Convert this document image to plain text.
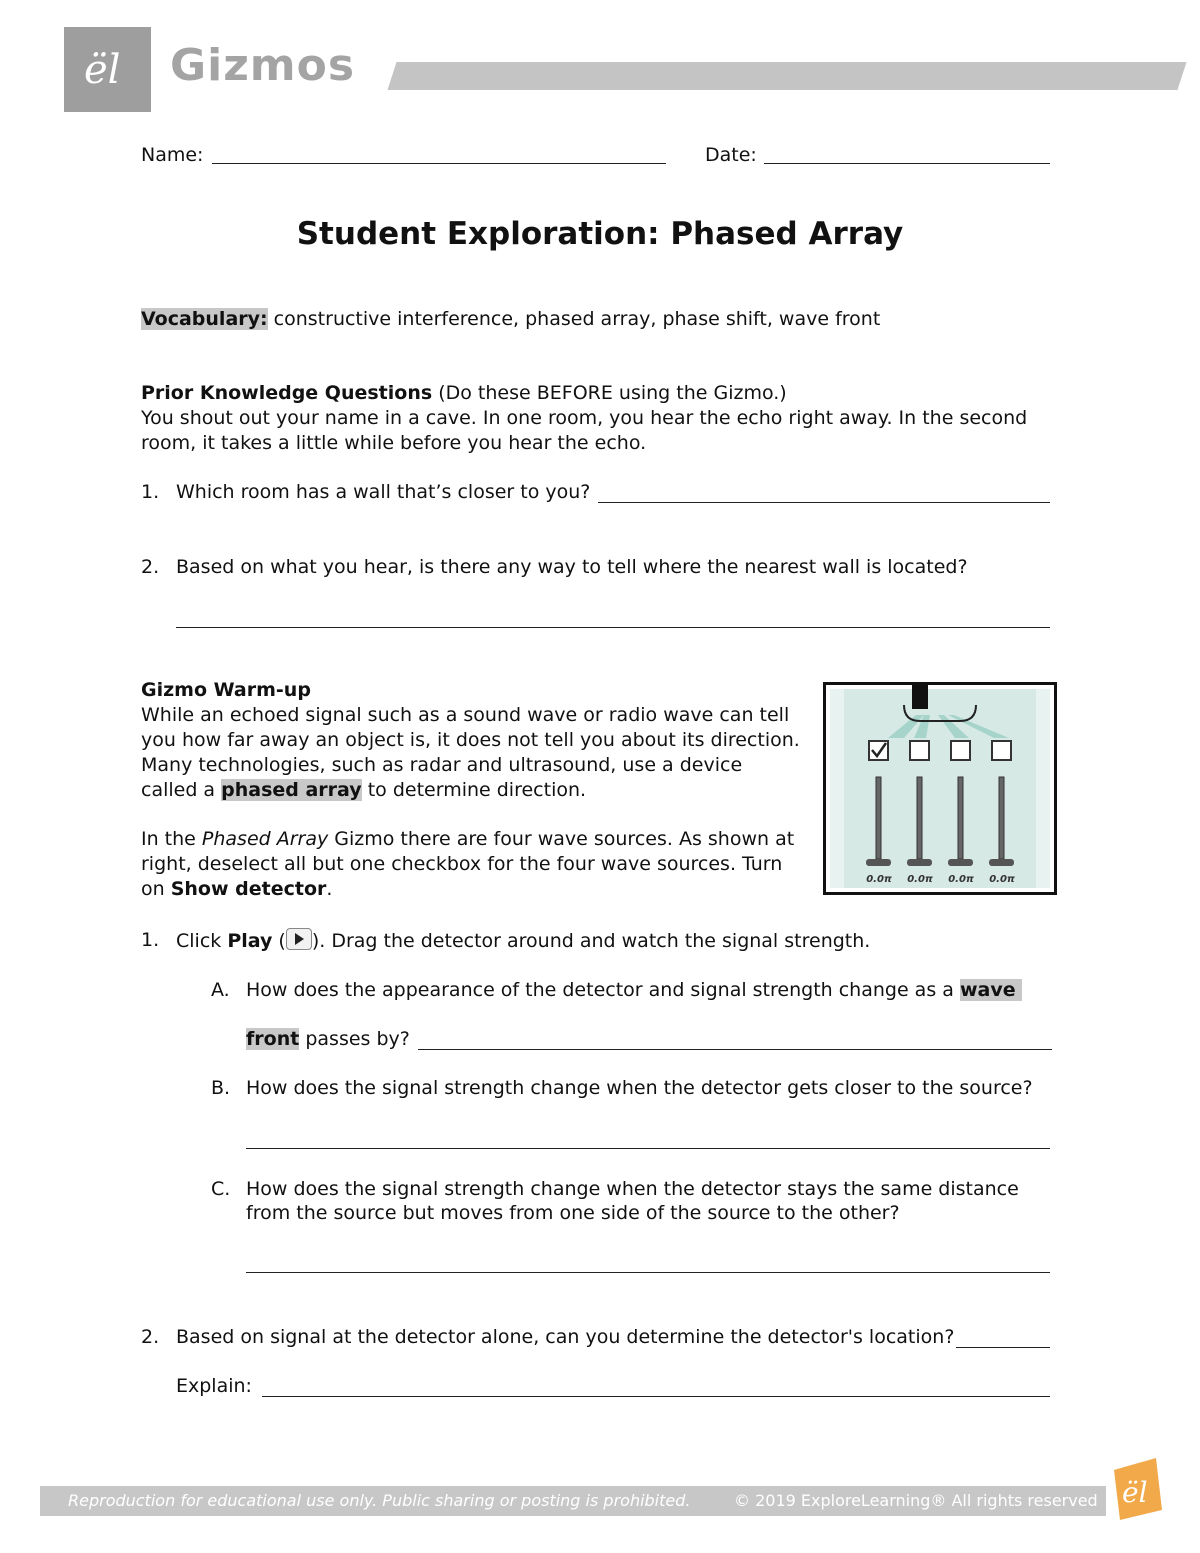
ël Gizmos
Name:	Date:
Student Exploration: Phased Array
Vocabulary: constructive interference, phased array, phase shift, wave front
Prior Knowledge Questions (Do these BEFORE using the Gizmo.)
You shout out your name in a cave. In one room, you hear the echo right away. In the second
room, it takes a little while before you hear the echo.
1. Which room has a wall that’s closer to you?
2. Based on what you hear, is there any way to tell where the nearest wall is located?
Gizmo Warm-up
While an echoed signal such as a sound wave or radio wave can tell
you how far away an object is, it does not tell you about its direction.
Many technologies, such as radar and ultrasound, use a device
called a phased array to determine direction.
In the Phased Array Gizmo there are four wave sources. As shown at
right, deselect all but one checkbox for the four wave sources. Turn
on Show detector.	0.0π 0.0π 0.0π 0.0π
1. Click Play ( ). Drag the detector around and watch the signal strength.
A. How does the appearance of the detector and signal strength change as a wave
front passes by?
B. How does the signal strength change when the detector gets closer to the source?
C. How does the signal strength change when the detector stays the same distance
from the source but moves from one side of the source to the other?
2. Based on signal at the detector alone, can you determine the detector's location?
Explain:
Reproduction for educational use only. Public sharing or posting is prohibited.	© 2019 ExploreLearning® All rights reserved ël
